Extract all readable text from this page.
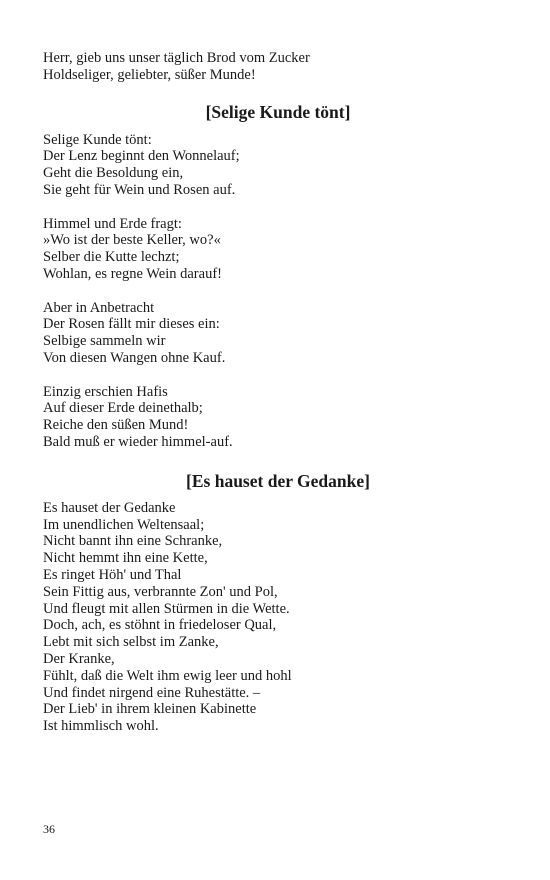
Herr, gieb uns unser täglich Brod vom Zucker
Holdseliger, geliebter, süßer Munde!
[Selige Kunde tönt]
Selige Kunde tönt:
Der Lenz beginnt den Wonnelauf;
Geht die Besoldung ein,
Sie geht für Wein und Rosen auf.
Himmel und Erde fragt:
»Wo ist der beste Keller, wo?«
Selber die Kutte lechzt;
Wohlan, es regne Wein darauf!
Aber in Anbetracht
Der Rosen fällt mir dieses ein:
Selbige sammeln wir
Von diesen Wangen ohne Kauf.
Einzig erschien Hafis
Auf dieser Erde deinethalb;
Reiche den süßen Mund!
Bald muß er wieder himmel-auf.
[Es hauset der Gedanke]
Es hauset der Gedanke
Im unendlichen Weltensaal;
Nicht bannt ihn eine Schranke,
Nicht hemmt ihn eine Kette,
Es ringet Höh' und Thal
Sein Fittig aus, verbrannte Zon' und Pol,
Und fleugt mit allen Stürmen in die Wette.
Doch, ach, es stöhnt in friedeloser Qual,
Lebt mit sich selbst im Zanke,
Der Kranke,
Fühlt, daß die Welt ihm ewig leer und hohl
Und findet nirgend eine Ruhestätte. –
Der Lieb' in ihrem kleinen Kabinette
Ist himmlisch wohl.
36
